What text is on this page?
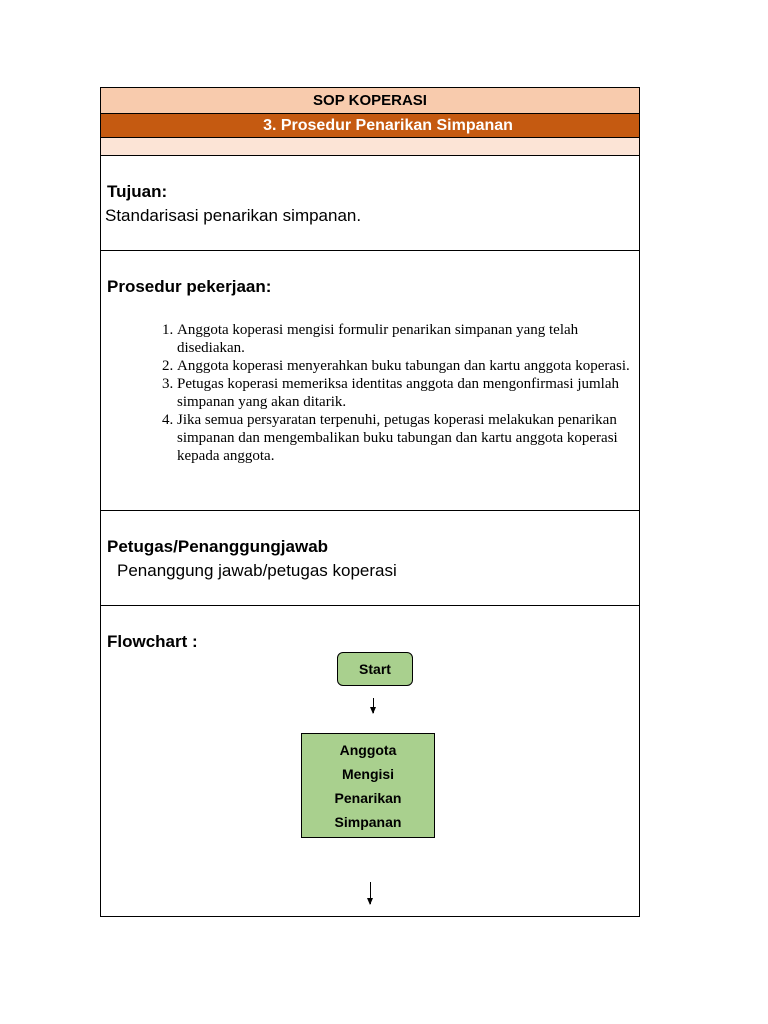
SOP KOPERASI
3. Prosedur Penarikan Simpanan
Tujuan:
Standarisasi penarikan simpanan.
Prosedur pekerjaan:
1. Anggota koperasi mengisi formulir penarikan simpanan yang telah disediakan.
2. Anggota koperasi menyerahkan buku tabungan dan kartu anggota koperasi.
3. Petugas koperasi memeriksa identitas anggota dan mengonfirmasi jumlah simpanan yang akan ditarik.
4. Jika semua persyaratan terpenuhi, petugas koperasi melakukan penarikan simpanan dan mengembalikan buku tabungan dan kartu anggota koperasi kepada anggota.
Petugas/Penanggungjawab
Penanggung jawab/petugas koperasi
Flowchart :
Start
Anggota
Mengisi
Penarikan
Simpanan
